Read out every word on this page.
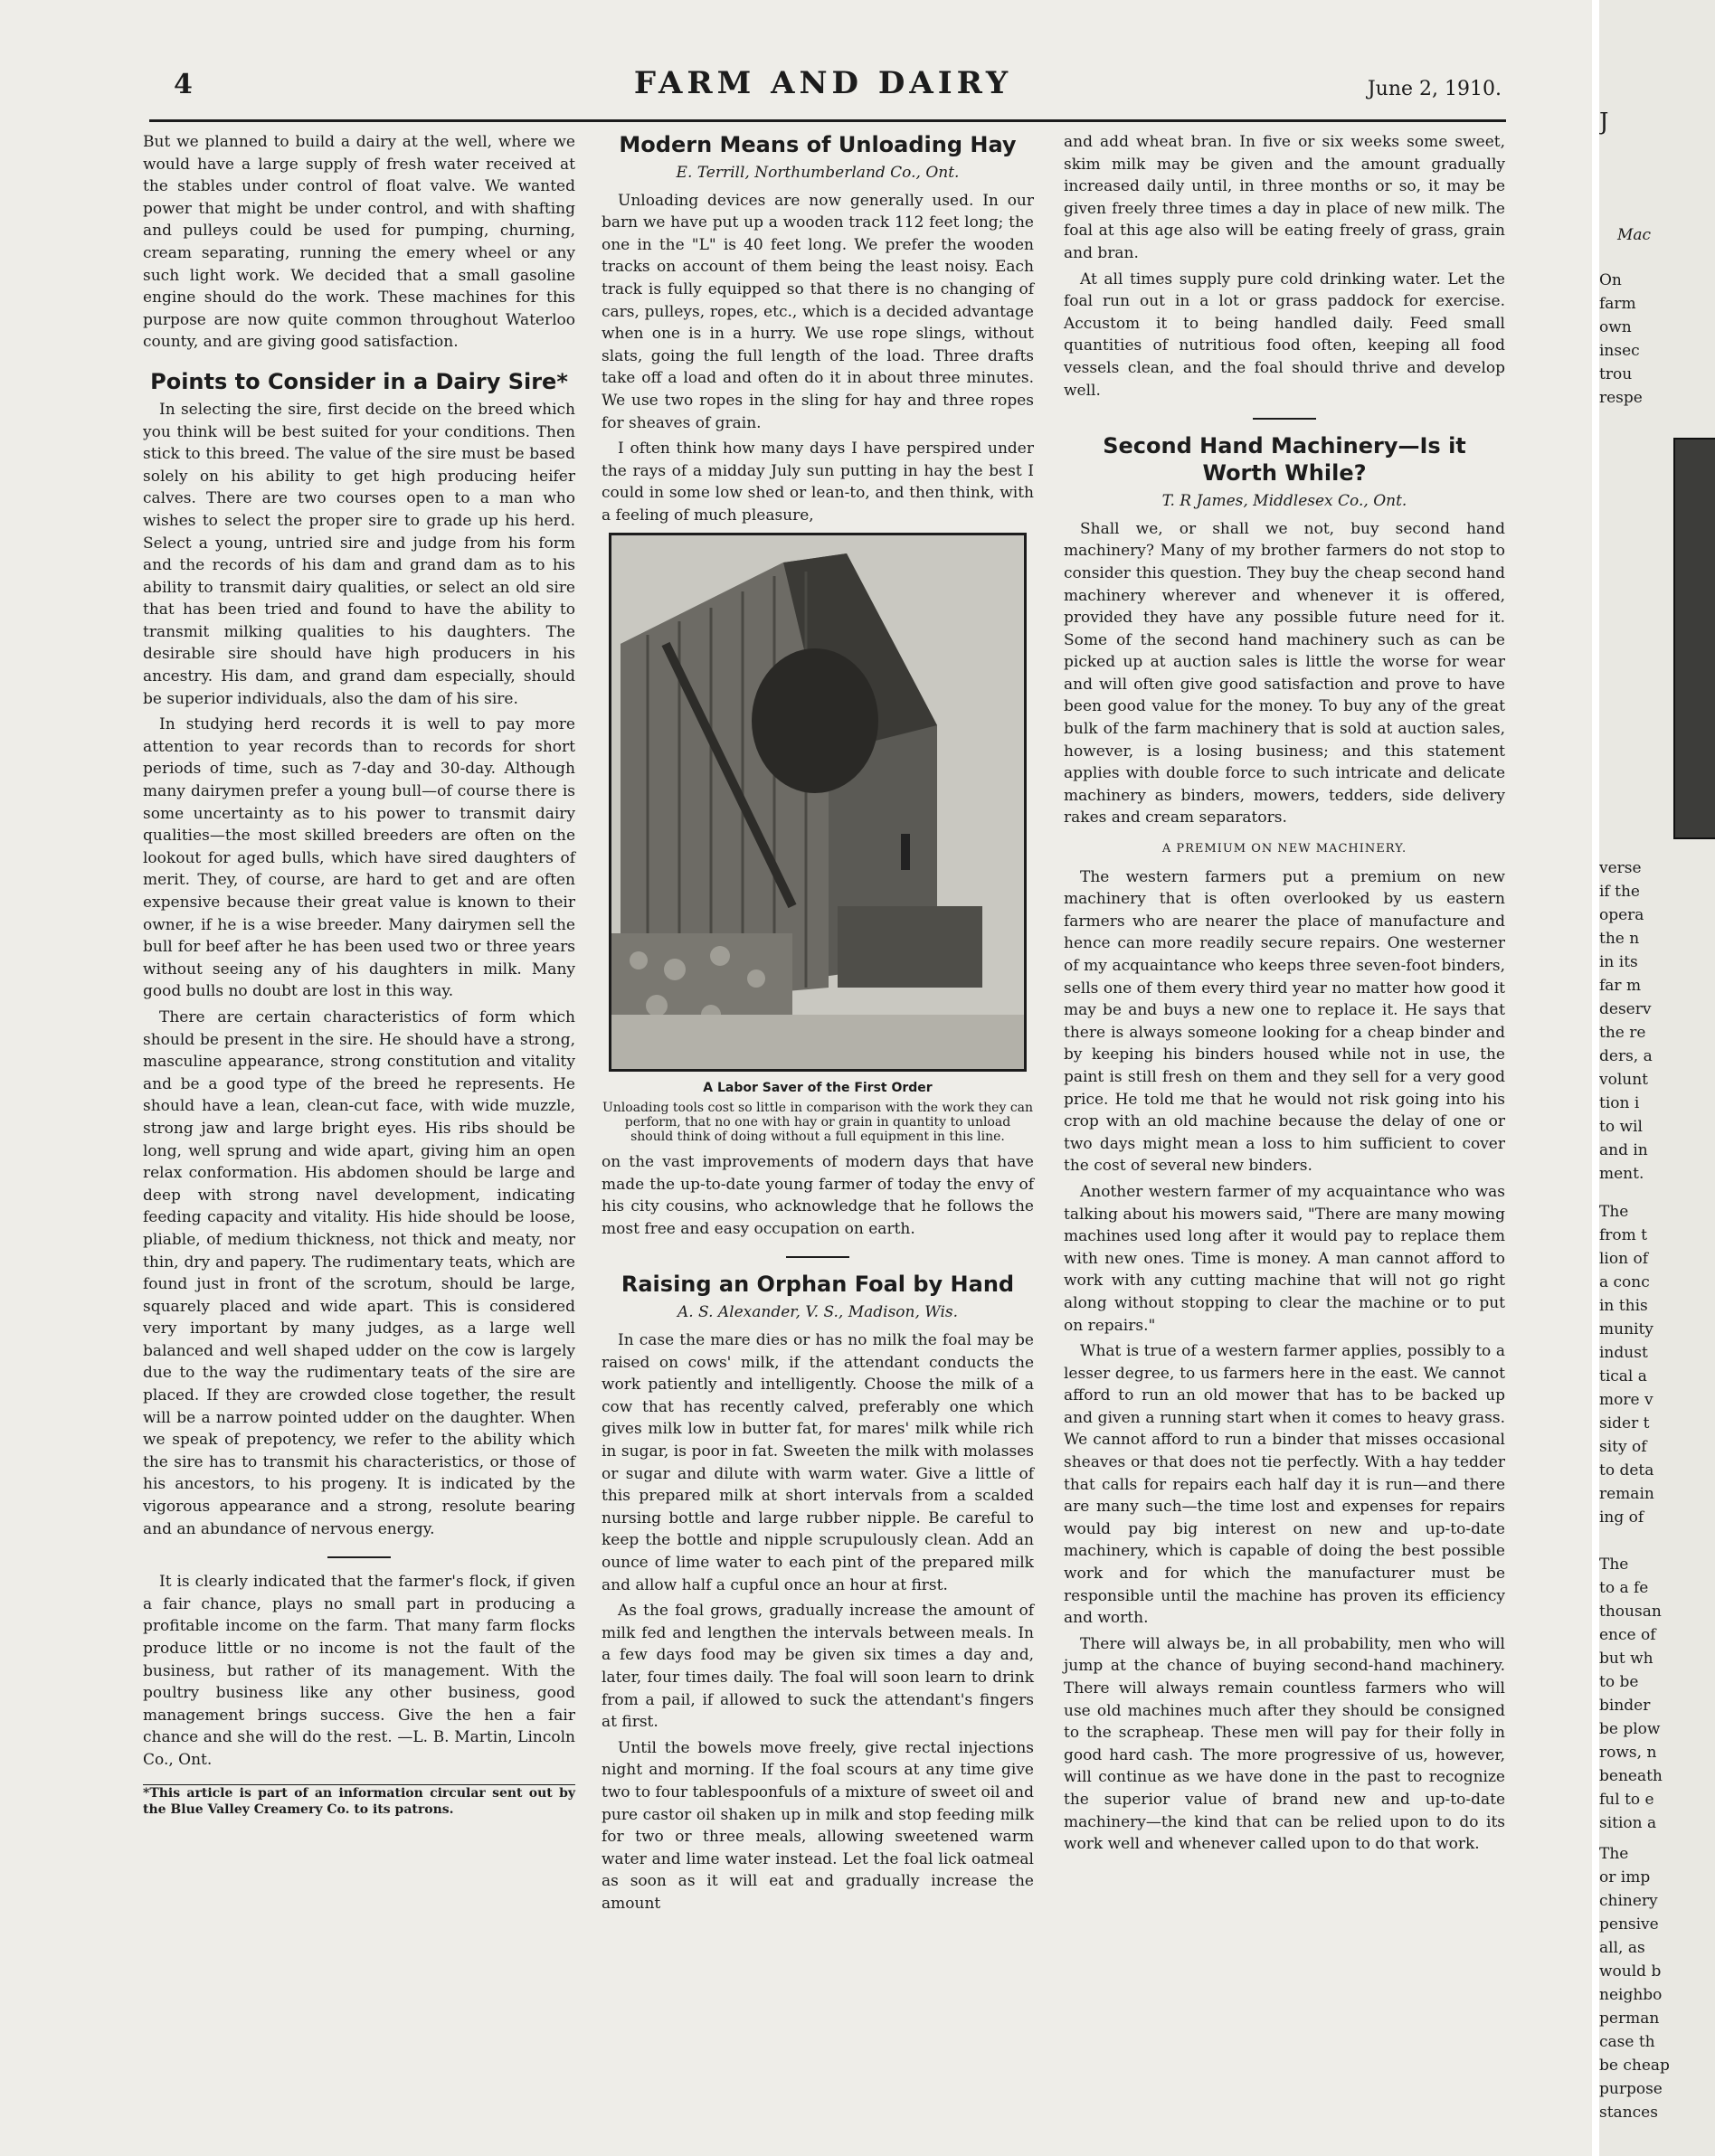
4	FARM AND DAIRY	June 2, 1910.

But we planned to build a dairy at the well, where we would have a large supply of fresh water received at the stables under control of float valve. We wanted power that might be under control, and with shafting and pulleys could be used for pumping, churning, cream separating, running the emery wheel or any such light work. We decided that a small gasoline engine should do the work. These machines for this purpose are now quite common throughout Waterloo county, and are giving good satisfaction.

Points to Consider in a Dairy Sire*

In selecting the sire, first decide on the breed which you think will be best suited for your conditions. Then stick to this breed. The value of the sire must be based solely on his ability to get high producing heifer calves. There are two courses open to a man who wishes to select the proper sire to grade up his herd. Select a young, untried sire and judge from his form and the records of his dam and grand dam as to his ability to transmit dairy qualities, or select an old sire that has been tried and found to have the ability to transmit milking qualities to his daughters. The desirable sire should have high producers in his ancestry. His dam, and grand dam especially, should be superior individuals, also the dam of his sire.

In studying herd records it is well to pay more attention to year records than to records for short periods of time, such as 7-day and 30-day. Although many dairymen prefer a young bull—of course there is some uncertainty as to his power to transmit dairy qualities—the most skilled breeders are often on the lookout for aged bulls, which have sired daughters of merit. They, of course, are hard to get and are often expensive because their great value is known to their owner, if he is a wise breeder. Many dairymen sell the bull for beef after he has been used two or three years without seeing any of his daughters in milk. Many good bulls no doubt are lost in this way.

There are certain characteristics of form which should be present in the sire. He should have a strong, masculine appearance, strong constitution and vitality and be a good type of the breed he represents. He should have a lean, clean-cut face, with wide muzzle, strong jaw and large bright eyes. His ribs should be long, well sprung and wide apart, giving him an open relax conformation. His abdomen should be large and deep with strong navel development, indicating feeding capacity and vitality. His hide should be loose, pliable, of medium thickness, not thick and meaty, nor thin, dry and papery. The rudimentary teats, which are found just in front of the scrotum, should be large, squarely placed and wide apart. This is considered very important by many judges, as a large well balanced and well shaped udder on the cow is largely due to the way the rudimentary teats of the sire are placed. If they are crowded close together, the result will be a narrow pointed udder on the daughter. When we speak of prepotency, we refer to the ability which the sire has to transmit his characteristics, or those of his ancestors, to his progeny. It is indicated by the vigorous appearance and a strong, resolute bearing and an abundance of nervous energy.

It is clearly indicated that the farmer's flock, if given a fair chance, plays no small part in producing a profitable income on the farm. That many farm flocks produce little or no income is not the fault of the business, but rather of its management. With the poultry business like any other business, good management brings success. Give the hen a fair chance and she will do the rest. —L. B. Martin, Lincoln Co., Ont.

*This article is part of an information circular sent out by the Blue Valley Creamery Co. to its patrons.

Modern Means of Unloading Hay
E. Terrill, Northumberland Co., Ont.

Unloading devices are now generally used. In our barn we have put up a wooden track 112 feet long; the one in the "L" is 40 feet long. We prefer the wooden tracks on account of them being the least noisy. Each track is fully equipped so that there is no changing of cars, pulleys, ropes, etc., which is a decided advantage when one is in a hurry. We use rope slings, without slats, going the full length of the load. Three drafts take off a load and often do it in about three minutes. We use two ropes in the sling for hay and three ropes for sheaves of grain.

I often think how many days I have perspired under the rays of a midday July sun putting in hay the best I could in some low shed or lean-to, and then think, with a feeling of much pleasure,

A Labor Saver of the First Order
Unloading tools cost so little in comparison with the work they can perform, that no one with hay or grain in quantity to unload should think of doing without a full equipment in this line.

on the vast improvements of modern days that have made the up-to-date young farmer of today the envy of his city cousins, who acknowledge that he follows the most free and easy occupation on earth.

Raising an Orphan Foal by Hand
A. S. Alexander, V. S., Madison, Wis.

In case the mare dies or has no milk the foal may be raised on cows' milk, if the attendant conducts the work patiently and intelligently. Choose the milk of a cow that has recently calved, preferably one which gives milk low in butter fat, for mares' milk while rich in sugar, is poor in fat. Sweeten the milk with molasses or sugar and dilute with warm water. Give a little of this prepared milk at short intervals from a scalded nursing bottle and large rubber nipple. Be careful to keep the bottle and nipple scrupulously clean. Add an ounce of lime water to each pint of the prepared milk and allow half a cupful once an hour at first.

As the foal grows, gradually increase the amount of milk fed and lengthen the intervals between meals. In a few days food may be given six times a day and, later, four times daily. The foal will soon learn to drink from a pail, if allowed to suck the attendant's fingers at first.

Until the bowels move freely, give rectal injections night and morning. If the foal scours at any time give two to four tablespoonfuls of a mixture of sweet oil and pure castor oil shaken up in milk and stop feeding milk for two or three meals, allowing sweetened warm water and lime water instead. Let the foal lick oatmeal as soon as it will eat and gradually increase the amount

and add wheat bran. In five or six weeks some sweet, skim milk may be given and the amount gradually increased daily until, in three months or so, it may be given freely three times a day in place of new milk. The foal at this age also will be eating freely of grass, grain and bran.

At all times supply pure cold drinking water. Let the foal run out in a lot or grass paddock for exercise. Accustom it to being handled daily. Feed small quantities of nutritious food often, keeping all food vessels clean, and the foal should thrive and develop well.

Second Hand Machinery—Is it Worth While?
T. R James, Middlesex Co., Ont.

Shall we, or shall we not, buy second hand machinery? Many of my brother farmers do not stop to consider this question. They buy the cheap second hand machinery wherever and whenever it is offered, provided they have any possible future need for it. Some of the second hand machinery such as can be picked up at auction sales is little the worse for wear and will often give good satisfaction and prove to have been good value for the money. To buy any of the great bulk of the farm machinery that is sold at auction sales, however, is a losing business; and this statement applies with double force to such intricate and delicate machinery as binders, mowers, tedders, side delivery rakes and cream separators.

A PREMIUM ON NEW MACHINERY.

The western farmers put a premium on new machinery that is often overlooked by us eastern farmers who are nearer the place of manufacture and hence can more readily secure repairs. One westerner of my acquaintance who keeps three seven-foot binders, sells one of them every third year no matter how good it may be and buys a new one to replace it. He says that there is always someone looking for a cheap binder and by keeping his binders housed while not in use, the paint is still fresh on them and they sell for a very good price. He told me that he would not risk going into his crop with an old machine because the delay of one or two days might mean a loss to him sufficient to cover the cost of several new binders.

Another western farmer of my acquaintance who was talking about his mowers said, "There are many mowing machines used long after it would pay to replace them with new ones. Time is money. A man cannot afford to work with any cutting machine that will not go right along without stopping to clear the machine or to put on repairs."

What is true of a western farmer applies, possibly to a lesser degree, to us farmers here in the east. We cannot afford to run an old mower that has to be backed up and given a running start when it comes to heavy grass. We cannot afford to run a binder that misses occasional sheaves or that does not tie perfectly. With a hay tedder that calls for repairs each half day it is run—and there are many such—the time lost and expenses for repairs would pay big interest on new and up-to-date machinery, which is capable of doing the best possible work and for which the manufacturer must be responsible until the machine has proven its efficiency and worth.

There will always be, in all probability, men who will jump at the chance of buying second-hand machinery. There will always remain countless farmers who will use old machines much after they should be consigned to the scrapheap. These men will pay for their folly in good hard cash. The more progressive of us, however, will continue as we have done in the past to recognize the superior value of brand new and up-to-date machinery—the kind that can be relied upon to do its work well and whenever called upon to do that work.

J
Mac
On
farm
own
insec
trou
respe
verse
if the
opera
the n
in its
far m
deserv
the re
ders, a
volunt
tion i
to wil
and in
ment.
The
from t
lion of
a conc
in this
munity
indust
tical a
more v
sider t
sity of
to deta
remain
ing of
The
to a fe
thousan
ence of
but wh
to be
binder
be plow
rows, n
beneath
ful to e
sition a
The
or imp
chinery
pensive
all, as
would b
neighbo
perman
case th
be cheap
purpose
stances
